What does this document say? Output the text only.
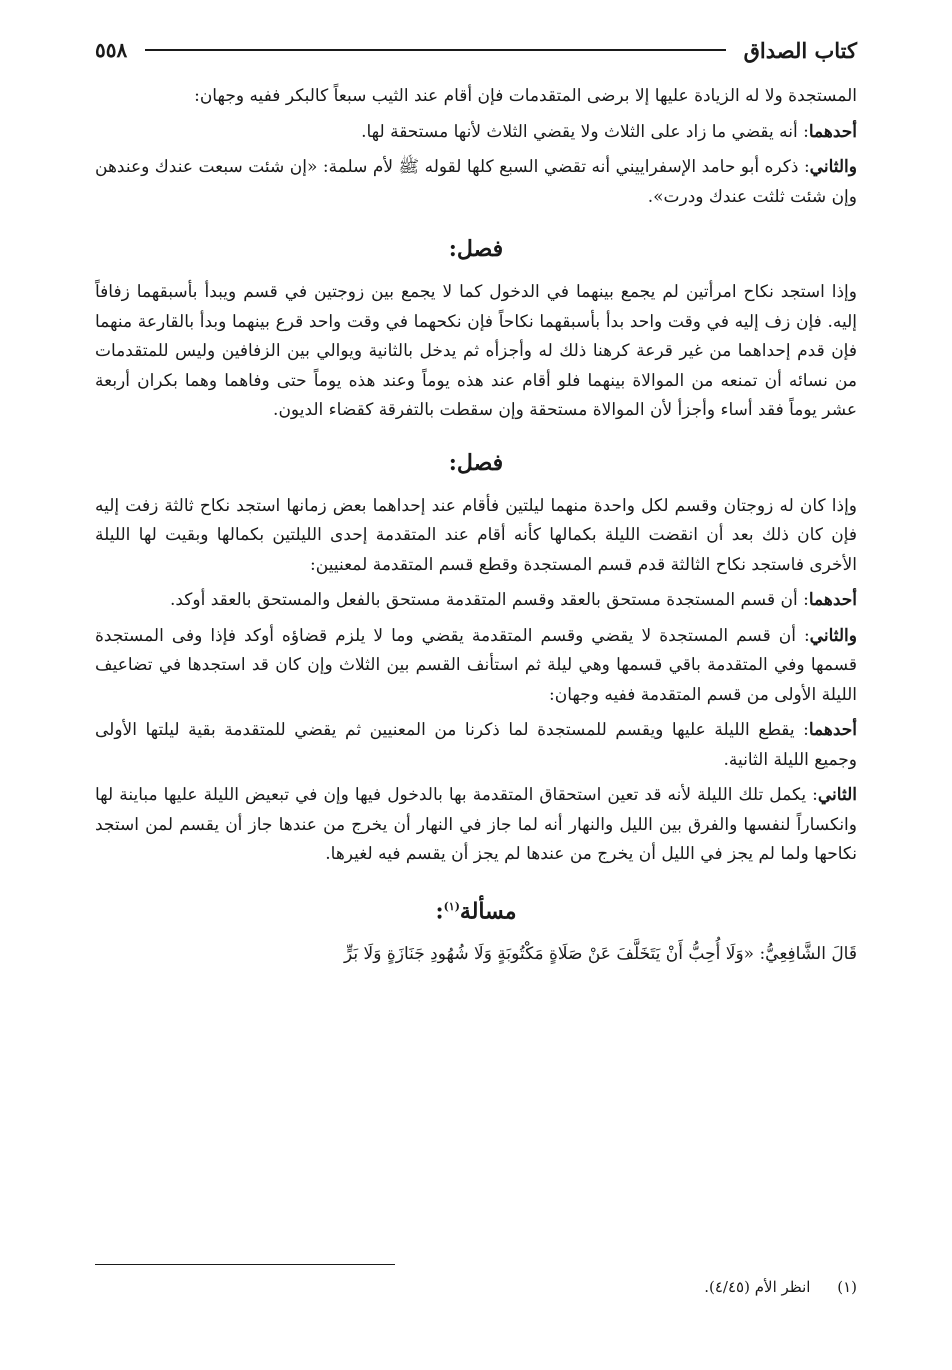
كتاب الصداق
٥٥٨

المستجدة ولا له الزيادة عليها إلا برضى المتقدمات فإن أقام عند الثيب سبعاً كالبكر ففيه وجهان:

أحدهما: أنه يقضي ما زاد على الثلاث ولا يقضي الثلاث لأنها مستحقة لها.

والثاني: ذكره أبو حامد الإسفراييني أنه تقضي السبع كلها لقوله ﷺ لأم سلمة: «إن شئت سبعت عندك وعندهن وإن شئت ثلثت عندك ودرت».

فصل:

وإذا استجد نكاح امرأتين لم يجمع بينهما في الدخول كما لا يجمع بين زوجتين في قسم ويبدأ بأسبقهما زفافاً إليه. فإن زف إليه في وقت واحد بدأ بأسبقهما نكاحاً فإن نكحهما في وقت واحد قرع بينهما وبدأ بالقارعة منهما فإن قدم إحداهما من غير قرعة كرهنا ذلك له وأجزأه ثم يدخل بالثانية ويوالي بين الزفافين وليس للمتقدمات من نسائه أن تمنعه من الموالاة بينهما فلو أقام عند هذه يوماً وعند هذه يوماً حتى وفاهما وهما بكران أربعة عشر يوماً فقد أساء وأجزأ لأن الموالاة مستحقة وإن سقطت بالتفرقة كقضاء الديون.

فصل:

وإذا كان له زوجتان وقسم لكل واحدة منهما ليلتين فأقام عند إحداهما بعض زمانها استجد نكاح ثالثة زفت إليه فإن كان ذلك بعد أن انقضت الليلة بكمالها كأنه أقام عند المتقدمة إحدى الليلتين بكمالها وبقيت لها الليلة الأخرى فاستجد نكاح الثالثة قدم قسم المستجدة وقطع قسم المتقدمة لمعنيين:

أحدهما: أن قسم المستجدة مستحق بالعقد وقسم المتقدمة مستحق بالفعل والمستحق بالعقد أوكد.

والثاني: أن قسم المستجدة لا يقضي وقسم المتقدمة يقضي وما لا يلزم قضاؤه أوكد فإذا وفى المستجدة قسمها وفي المتقدمة باقي قسمها وهي ليلة ثم استأنف القسم بين الثلاث وإن كان قد استجدها في تضاعيف الليلة الأولى من قسم المتقدمة ففيه وجهان:

أحدهما: يقطع الليلة عليها ويقسم للمستجدة لما ذكرنا من المعنيين ثم يقضي للمتقدمة بقية ليلتها الأولى وجميع الليلة الثانية.

الثاني: يكمل تلك الليلة لأنه قد تعين استحقاق المتقدمة بها بالدخول فيها وإن في تبعيض الليلة عليها مباينة لها وانكساراً لنفسها والفرق بين الليل والنهار أنه لما جاز في النهار أن يخرج من عندها جاز أن يقسم لمن استجد نكاحها ولما لم يجز في الليل أن يخرج من عندها لم يجز أن يقسم فيه لغيرها.

مسألة$^{(١)}$:

قَالَ الشَّافِعِيُّ: «وَلَا أُحِبُّ أَنْ يَتَخَلَّفَ عَنْ صَلَاةٍ مَكْتُوبَةٍ وَلَا شُهُودِ جَنَازَةٍ وَلَا بَرٍّ

(١) انظر الأم (٤/٤٥).
